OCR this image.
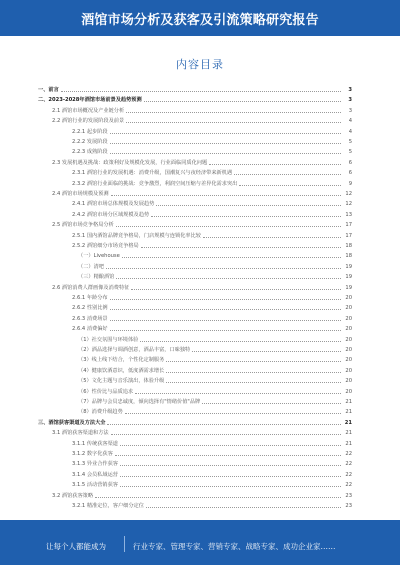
酒馆市场分析及获客及引流策略研究报告
内容目录
一、前言	3
二、2023-2028年酒馆市场前景及趋势预测	3
2.1 酒馆市场概况及产业链分析	3
2.2 酒馆行业的发展阶段及前景	4
2.2.1 起步阶段	4
2.2.2 发展阶段	5
2.2.3 成熟阶段	5
2.3 发展机遇及挑战：政策利好及规模化发展，行业面临同质化问题	6
2.3.1 酒馆行业的发展机遇：消费升级，国潮复兴与夜经济带来新机遇	6
2.3.2 酒馆行业面临的挑战：竞争激烈，利润空间压缩与差异化需求突出	9
2.4 酒馆市场规模及预测	12
2.4.1 酒馆市场总体规模及发展趋势	12
2.4.2 酒馆市场分区域规模及趋势	13
2.5 酒馆市场竞争格局分析	17
2.5.1 国内酒馆品牌竞争格局，门店规模与连锁化率比较	17
2.5.2 酒馆细分市场竞争格局	18
（一）Livehouse	18
（二）清吧	19
（三）精酿酒馆	19
2.6 酒馆消费人群画像及消费特征	19
2.6.1 年龄分布	20
2.6.2 性别比例	20
2.6.3 消费场景	20
2.6.4 消费偏好	20
（1）社交氛围与环境体验	20
（2）酒品选择与调酒创意，酒品丰富，口味独特	20
（3）线上线下结合，个性化定制服务	20
（4）健康饮酒意识，低度酒需求增长	20
（5）文化主题与音乐演出，体验升级	20
（6）性价比与品质追求	20
（7）品牌与会员忠诚度，倾向选择有"情绪价值"品牌	21
（8）消费升级趋势	21
三、酒馆获客渠道及方法大全	21
3.1 酒馆获客渠道和方法	21
3.1.1 传统获客渠道	21
3.1.2 数字化获客	22
3.1.3 异业合作获客	22
3.1.4 会员私域运营	22
3.1.5 活动营销获客	22
3.2 酒馆获客策略	23
3.2.1 精准定位，客户细分定位	23
让每个人都能成为	行业专家、管理专家、营销专家、战略专家、成功企业家……
